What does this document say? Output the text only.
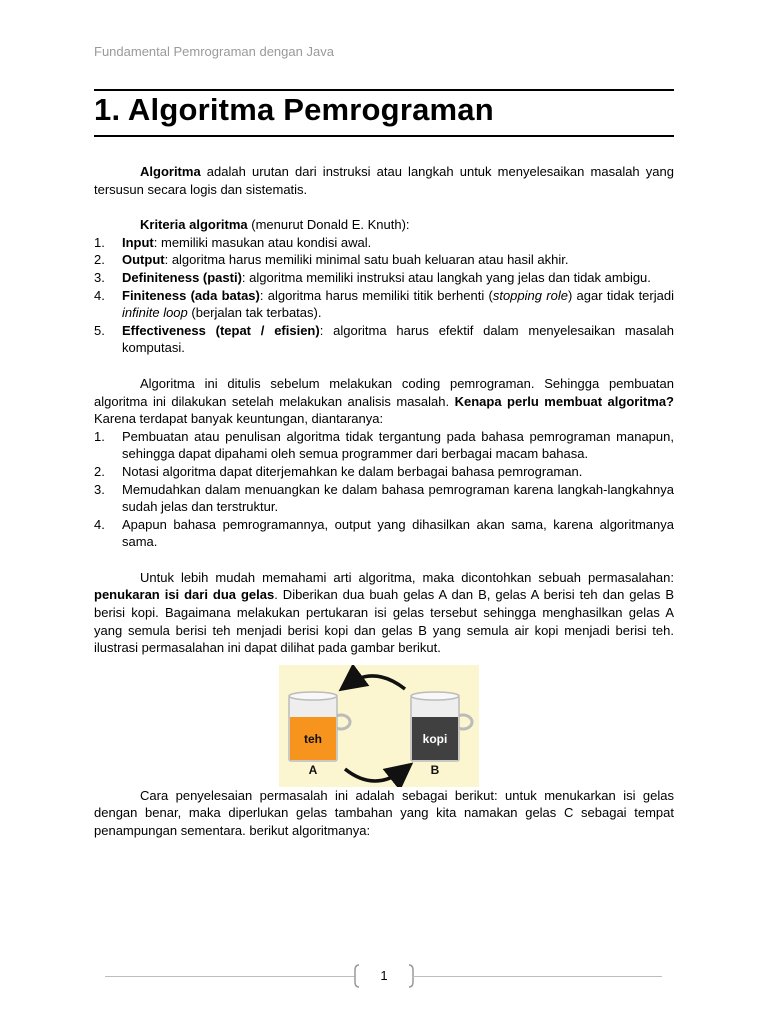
Fundamental Pemrograman dengan Java
1. Algoritma Pemrograman

Algoritma adalah urutan dari instruksi atau langkah untuk menyelesaikan masalah yang tersusun secara logis dan sistematis.

Kriteria algoritma (menurut Donald E. Knuth):

1. Input: memiliki masukan atau kondisi awal.
2. Output: algoritma harus memiliki minimal satu buah keluaran atau hasil akhir.
3. Definiteness (pasti): algoritma memiliki instruksi atau langkah yang jelas dan tidak ambigu.
4. Finiteness (ada batas): algoritma harus memiliki titik berhenti (stopping role) agar tidak terjadi infinite loop (berjalan tak terbatas).
5. Effectiveness (tepat / efisien): algoritma harus efektif dalam menyelesaikan masalah komputasi.

Algoritma ini ditulis sebelum melakukan coding pemrograman. Sehingga pembuatan algoritma ini dilakukan setelah melakukan analisis masalah. Kenapa perlu membuat algoritma? Karena terdapat banyak keuntungan, diantaranya:

1. Pembuatan atau penulisan algoritma tidak tergantung pada bahasa pemrograman manapun, sehingga dapat dipahami oleh semua programmer dari berbagai macam bahasa.
2. Notasi algoritma dapat diterjemahkan ke dalam berbagai bahasa pemrograman.
3. Memudahkan dalam menuangkan ke dalam bahasa pemrograman karena langkah-langkahnya sudah jelas dan terstruktur.
4. Apapun bahasa pemrogramannya, output yang dihasilkan akan sama, karena algoritmanya sama.

Untuk lebih mudah memahami arti algoritma, maka dicontohkan sebuah permasalahan: penukaran isi dari dua gelas. Diberikan dua buah gelas A dan B, gelas A berisi teh dan gelas B berisi kopi. Bagaimana melakukan pertukaran isi gelas tersebut sehingga menghasilkan gelas A yang semula berisi teh menjadi berisi kopi dan gelas B yang semula air kopi menjadi berisi teh. ilustrasi permasalahan ini dapat dilihat pada gambar berikut.

teh	kopi
A	B

Cara penyelesaian permasalah ini adalah sebagai berikut: untuk menukarkan isi gelas dengan benar, maka diperlukan gelas tambahan yang kita namakan gelas C sebagai tempat penampungan sementara. berikut algoritmanya:

1
